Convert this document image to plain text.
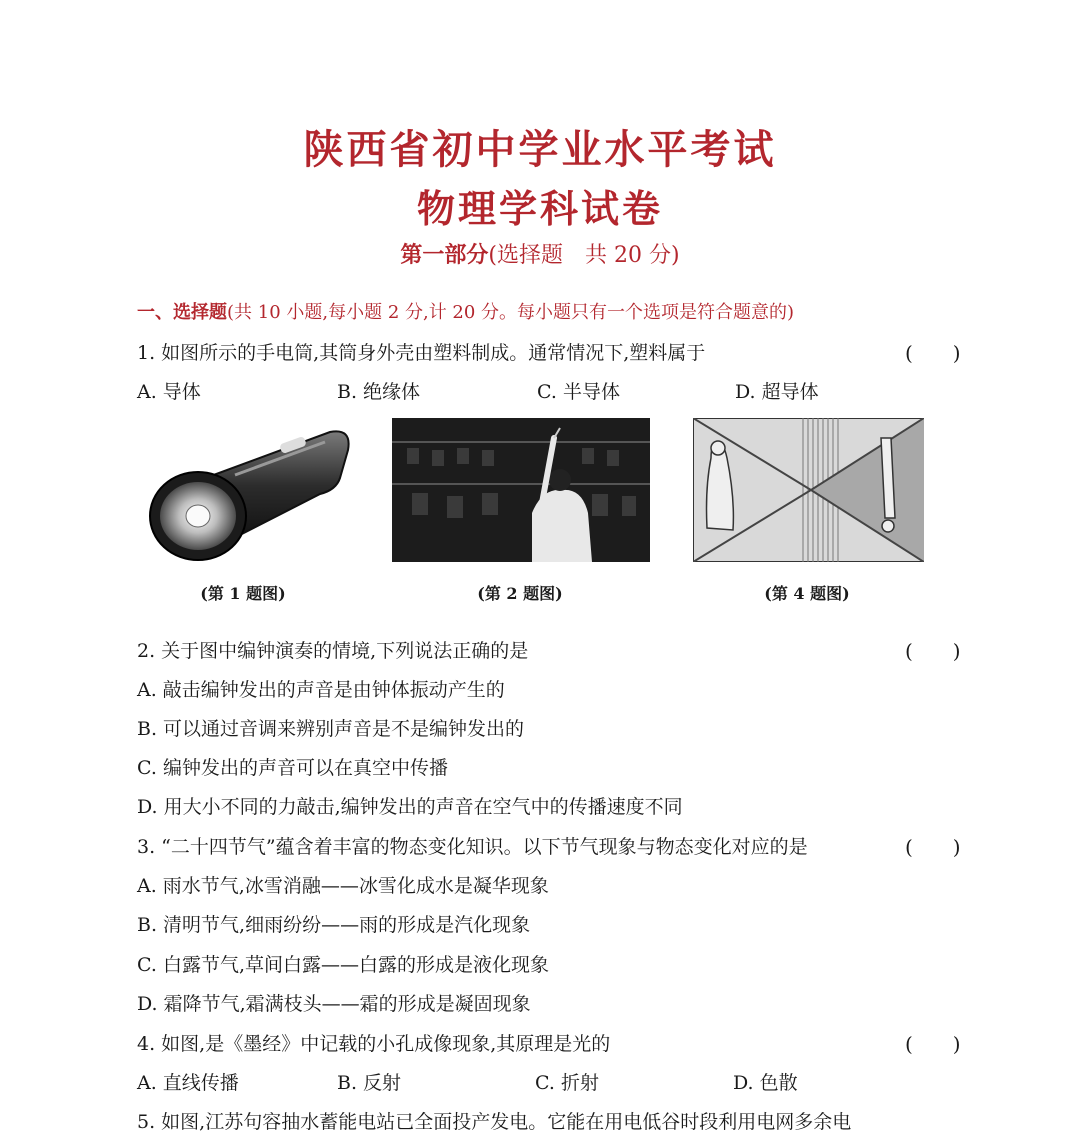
陕西省初中学业水平考试
物理学科试卷
第一部分(选择题　共 20 分)
一、选择题(共 10 小题,每小题 2 分,计 20 分。每小题只有一个选项是符合题意的)
1. 如图所示的手电筒,其筒身外壳由塑料制成。通常情况下,塑料属于	(　　)
A. 导体	B. 绝缘体	C. 半导体	D. 超导体
(第 1 题图)	(第 2 题图)	(第 4 题图)
2. 关于图中编钟演奏的情境,下列说法正确的是	(　　)
A. 敲击编钟发出的声音是由钟体振动产生的
B. 可以通过音调来辨别声音是不是编钟发出的
C. 编钟发出的声音可以在真空中传播
D. 用大小不同的力敲击,编钟发出的声音在空气中的传播速度不同
3. “二十四节气”蕴含着丰富的物态变化知识。以下节气现象与物态变化对应的是	(　　)
A. 雨水节气,冰雪消融——冰雪化成水是凝华现象
B. 清明节气,细雨纷纷——雨的形成是汽化现象
C. 白露节气,草间白露——白露的形成是液化现象
D. 霜降节气,霜满枝头——霜的形成是凝固现象
4. 如图,是《墨经》中记载的小孔成像现象,其原理是光的	(　　)
A. 直线传播	B. 反射	C. 折射	D. 色散
5. 如图,江苏句容抽水蓄能电站已全面投产发电。它能在用电低谷时段利用电网多余电
